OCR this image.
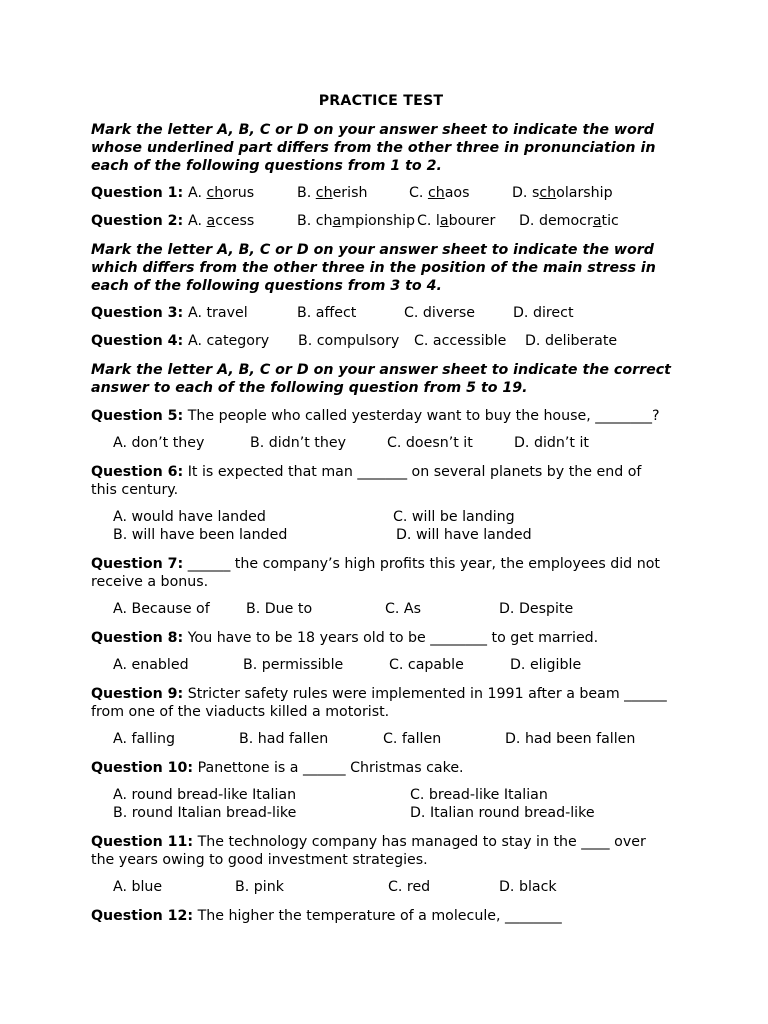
PRACTICE TEST
Mark the letter A, B, C or D on your answer sheet to indicate the word whose underlined part differs from the other three in pronunciation in each of the following questions from 1 to 2.
Question 1: A. chorus	B. cherish	C. chaos	D. scholarship
Question 2: A. access	B. championship C. labourer D. democratic
Mark the letter A, B, C or D on your answer sheet to indicate the word which differs from the other three in the position of the main stress in each of the following questions from 3 to 4.
Question 3: A. travel	B. affect	C. diverse	D. direct
Question 4: A. category B. compulsory C. accessible D. deliberate
Mark the letter A, B, C or D on your answer sheet to indicate the correct answer to each of the following question from 5 to 19.
Question 5: The people who called yesterday want to buy the house, ________?
A. don’t they	B. didn’t they	C. doesn’t it	D. didn’t it
Question 6: It is expected that man _______ on several planets by the end of this century.
A. would have landed
B. will have been landed
C. will be landing
D. will have landed
Question 7: ______ the company’s high profits this year, the employees did not receive a bonus.
A. Because of	B. Due to	C. As	D. Despite
Question 8: You have to be 18 years old to be ________ to get married.
A. enabled	B. permissible	C. capable	D. eligible
Question 9: Stricter safety rules were implemented in 1991 after a beam ______ from one of the viaducts killed a motorist.
A. falling	B. had fallen	C. fallen	D. had been fallen
Question 10: Panettone is a ______ Christmas cake.
A. round bread-like Italian
B. round Italian bread-like
C. bread-like Italian
D. Italian round bread-like
Question 11: The technology company has managed to stay in the ____ over the years owing to good investment strategies.
A. blue	B. pink	C. red	D. black
Question 12: The higher the temperature of a molecule, ________
